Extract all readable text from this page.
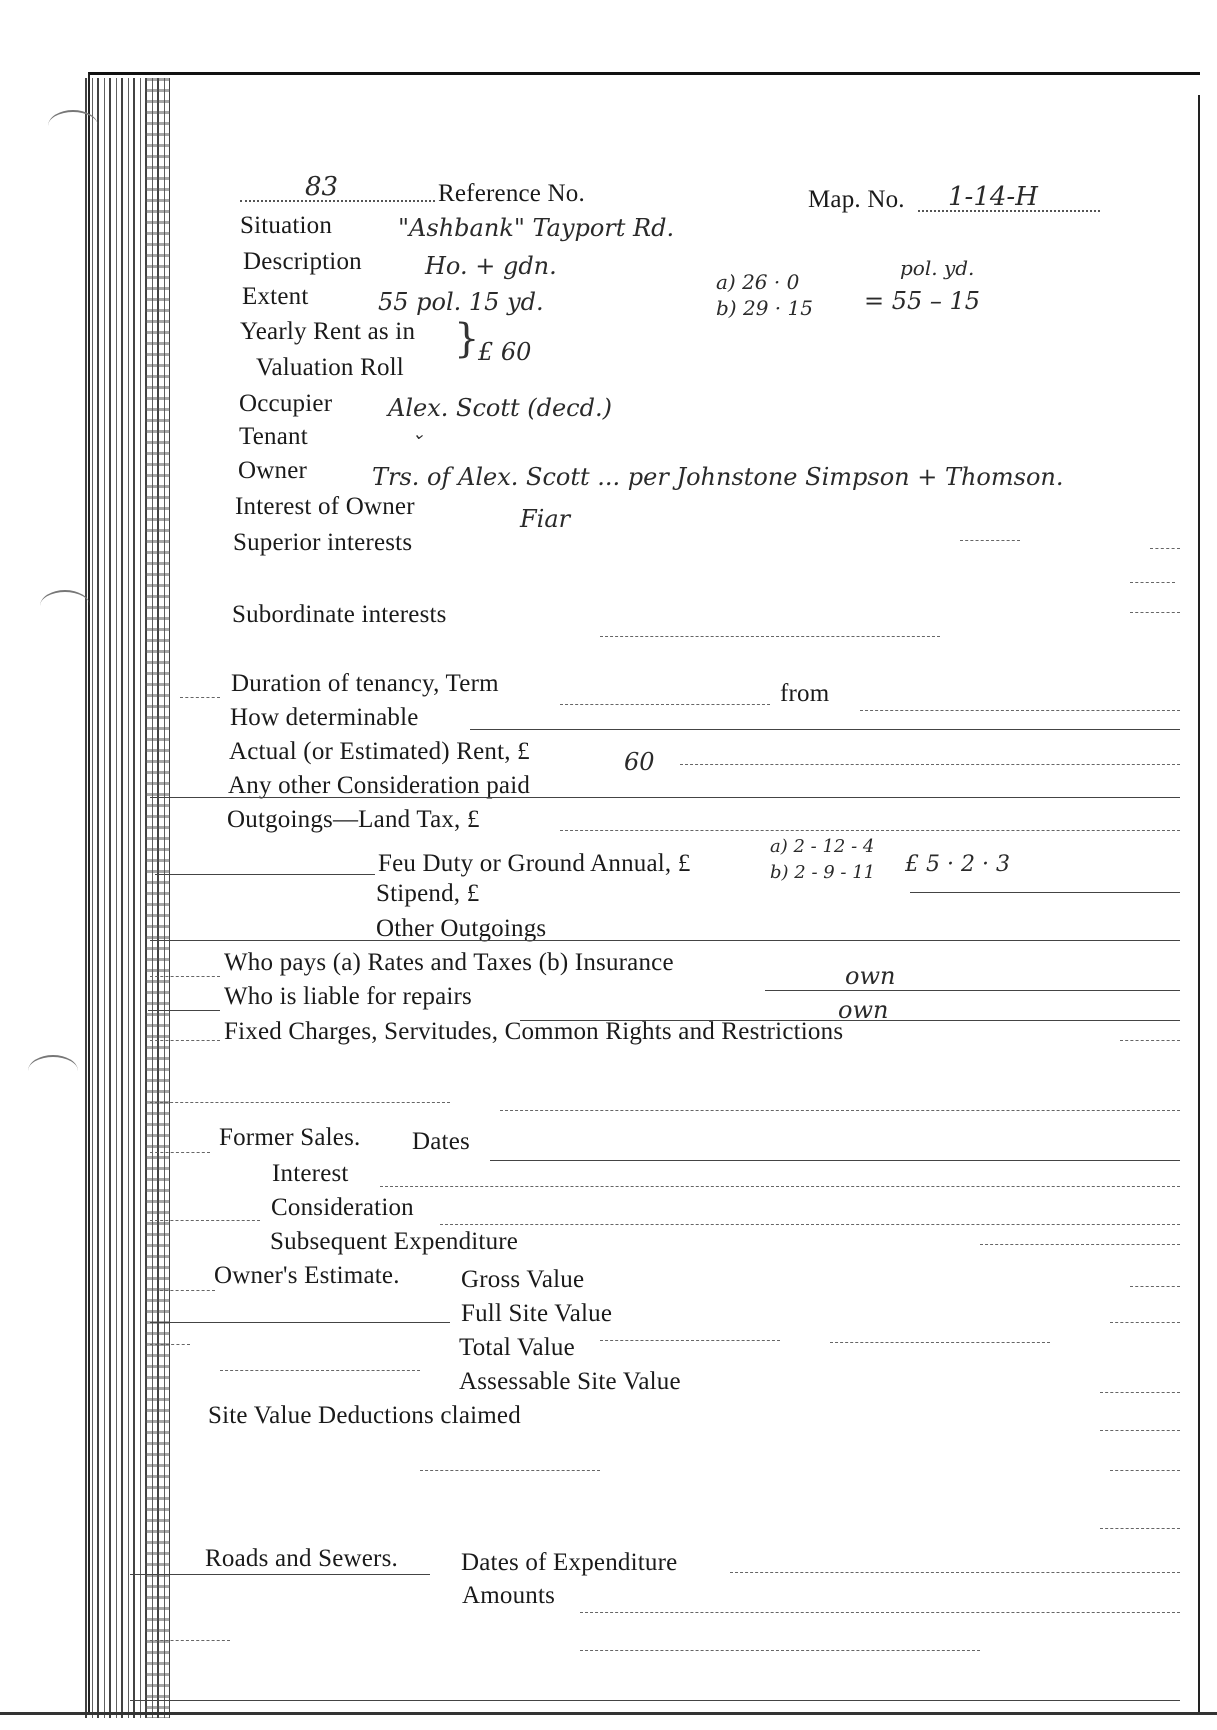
83	Reference No.	Map. No. 1-14-H
Situation	"Ashbank" Tayport Rd.
Description	Ho. + gdn.
Extent	55 pol. 15 yd.
a) 26 · 0
b) 29 · 15
pol. yd.
= 55 – 15
Yearly Rent as in
Valuation Roll
}
£ 60
Occupier Alex. Scott (decd.)
Tenant	⌄
Owner	Trs. of Alex. Scott ... per Johnstone Simpson + Thomson.
Interest of Owner	Fiar
Superior interests
Subordinate interests
Duration of tenancy, Term	from
How determinable
Actual (or Estimated) Rent, £	60
Any other Consideration paid
Outgoings—Land Tax, £
Feu Duty or Ground Annual, £
a) 2 - 12 - 4
b) 2 - 9 - 11 £ 5 · 2 · 3
Stipend, £
Other Outgoings
Who pays (a) Rates and Taxes (b) Insurance	own
Who is liable for repairs	own
Fixed Charges, Servitudes, Common Rights and Restrictions
Former Sales. Dates
Interest
Consideration
Subsequent Expenditure
Owner's Estimate. Gross Value
Full Site Value
Total Value
Assessable Site Value
Site Value Deductions claimed
Roads and Sewers.	Dates of Expenditure
Amounts
